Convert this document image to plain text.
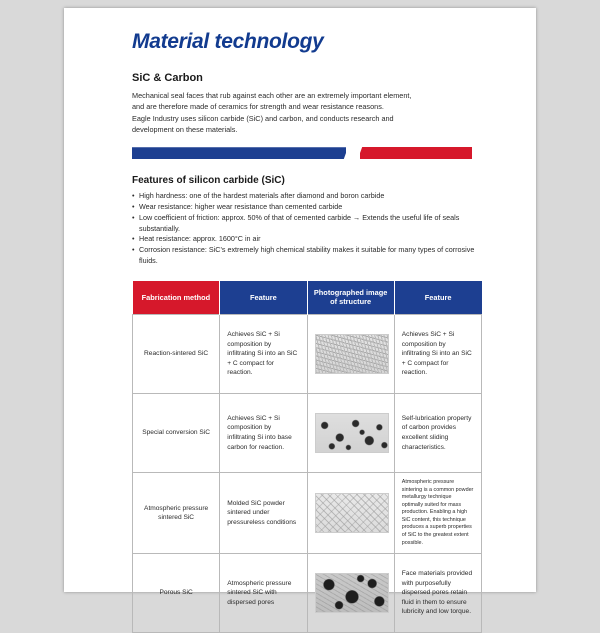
Material technology
SiC & Carbon
Mechanical seal faces that rub against each other are an extremely important element,
and are therefore made of ceramics for strength and wear resistance reasons.
Eagle Industry uses silicon carbide (SiC) and carbon, and conducts research and
development on these materials.
Features of silicon carbide (SiC)
• High hardness: one of the hardest materials after diamond and boron carbide
• Wear resistance: higher wear resistance than cemented carbide
• Low coefficient of friction: approx. 50% of that of cemented carbide → Extends the useful life of seals substantially.
• Heat resistance: approx. 1600°C in air
• Corrosion resistance: SiC's extremely high chemical stability makes it suitable for many types of corrosive fluids.
Fabrication method	Feature	Photographed image of structure	Feature
Reaction-sintered SiC	Achieves SiC + Si composition by infiltrating Si into an SiC + C compact for reaction.		Achieves SiC + Si composition by infiltrating Si into an SiC + C compact for reaction.
Special conversion SiC	Achieves SiC + Si composition by infiltrating Si into base carbon for reaction.		Self-lubrication property of carbon provides excellent sliding characteristics.
Atmospheric pressure sintered SiC	Molded SiC powder sintered under pressureless conditions		Atmospheric pressure sintering is a common powder metallurgy technique optimally suited for mass production. Enabling a high SiC content, this technique produces a superb properties of SiC to the greatest extent possible.
Porous SiC	Atmospheric pressure sintered SiC with dispersed pores		Face materials provided with purposefully dispersed pores retain fluid in them to ensure lubricity and low torque.
